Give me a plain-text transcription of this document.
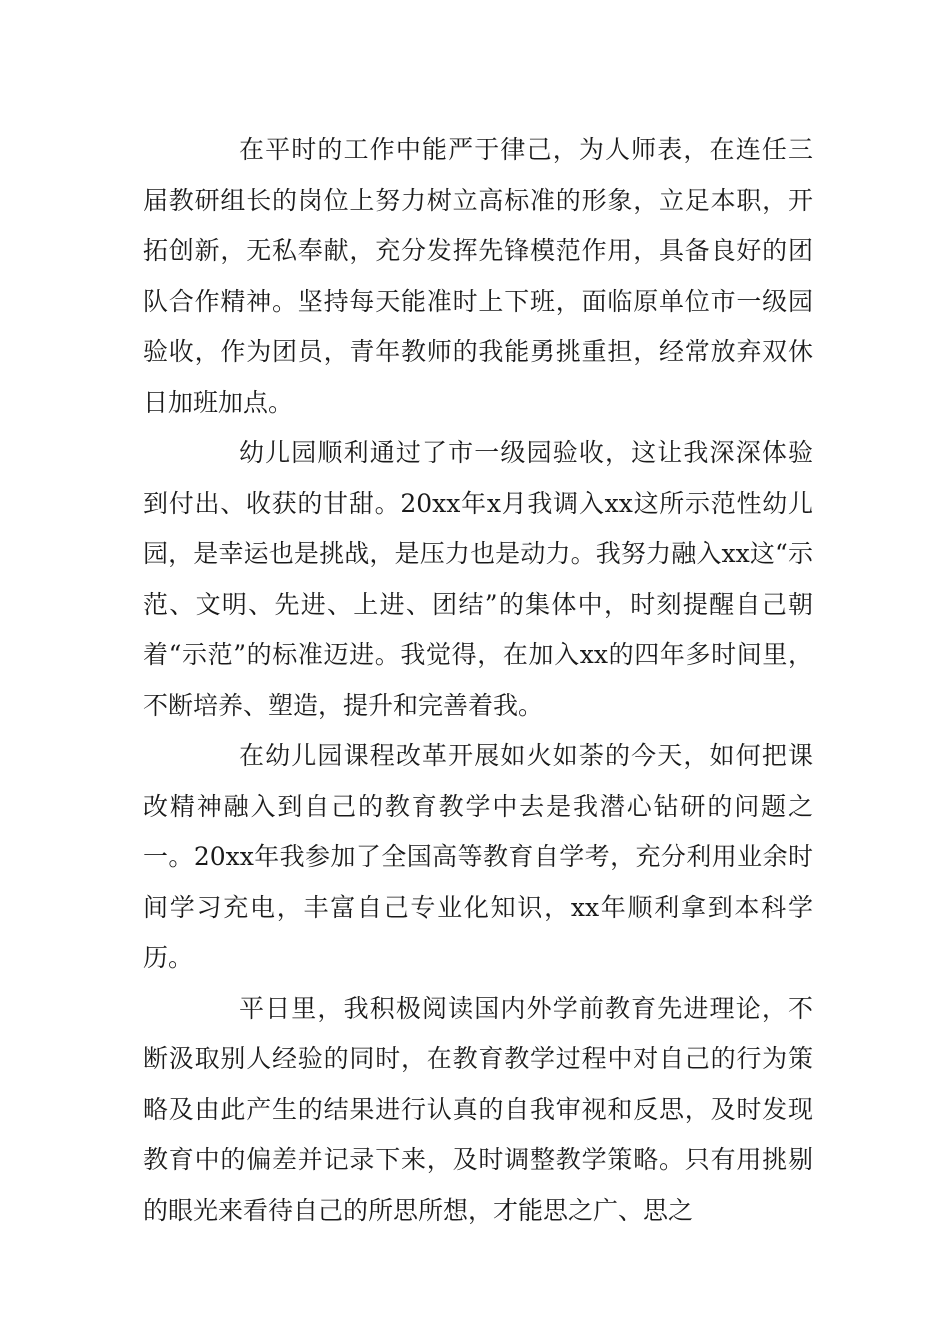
在平时的工作中能严于律己，为人师表，在连任三届教研组长的岗位上努力树立高标准的形象，立足本职，开拓创新，无私奉献，充分发挥先锋模范作用，具备良好的团队合作精神。坚持每天能准时上下班，面临原单位市一级园验收，作为团员，青年教师的我能勇挑重担，经常放弃双休日加班加点。

幼儿园顺利通过了市一级园验收，这让我深深体验到付出、收获的甘甜。20xx年x月我调入xx这所示范性幼儿园，是幸运也是挑战，是压力也是动力。我努力融入xx这“示范、文明、先进、上进、团结”的集体中，时刻提醒自己朝着“示范”的标准迈进。我觉得，在加入xx的四年多时间里，不断培养、塑造，提升和完善着我。

在幼儿园课程改革开展如火如荼的今天，如何把课改精神融入到自己的教育教学中去是我潜心钻研的问题之一。20xx年我参加了全国高等教育自学考，充分利用业余时间学习充电，丰富自己专业化知识，xx年顺利拿到本科学历。

平日里，我积极阅读国内外学前教育先进理论，不断汲取别人经验的同时，在教育教学过程中对自己的行为策略及由此产生的结果进行认真的自我审视和反思，及时发现教育中的偏差并记录下来，及时调整教学策略。只有用挑剔的眼光来看待自己的所思所想，才能思之广、思之
